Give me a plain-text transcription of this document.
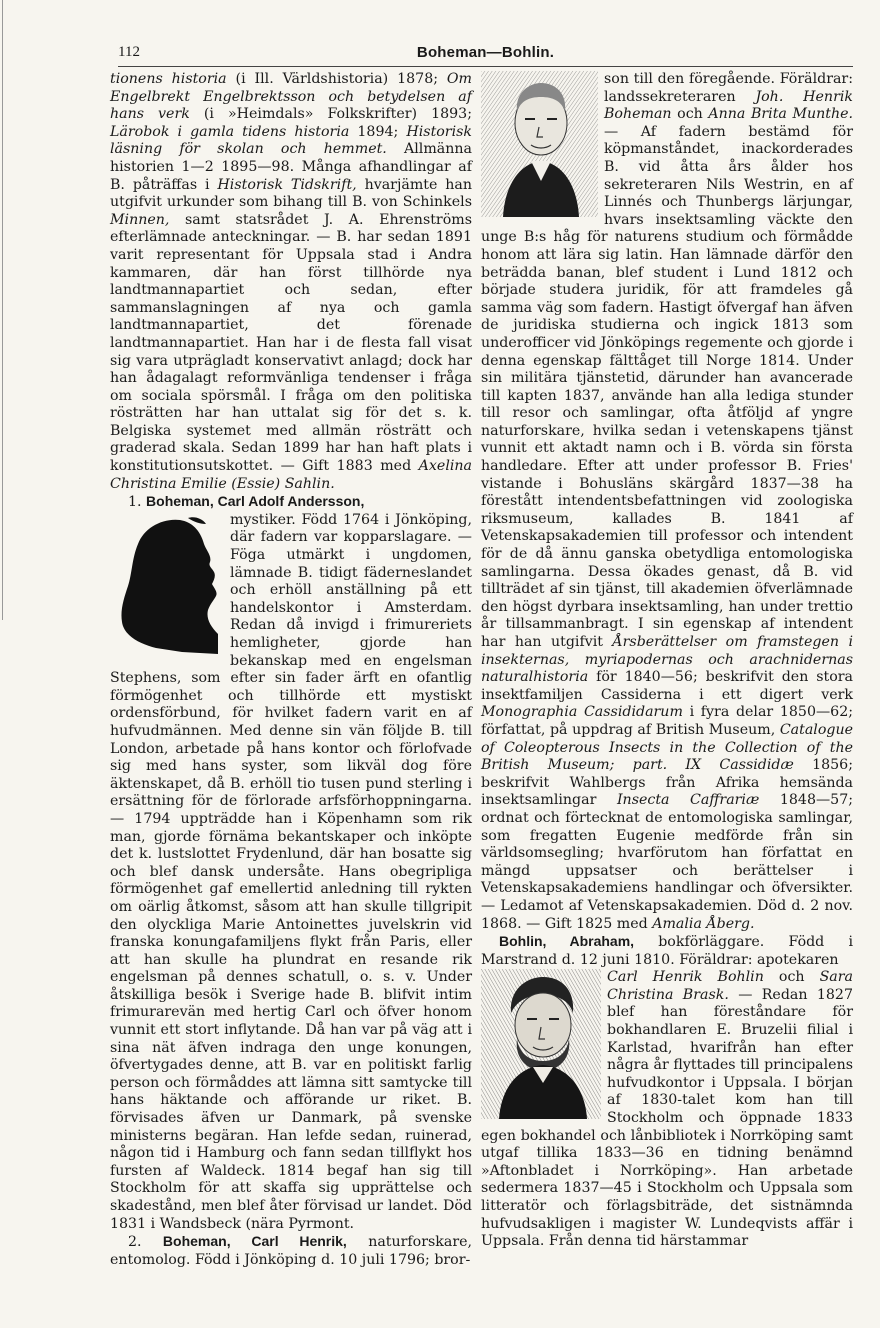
112	Boheman—Bohlin.

tionens historia (i Ill. Världshistoria) 1878; Om Engelbrekt Engelbrektsson och betydelsen af hans verk (i »Heimdals» Folkskrifter) 1893; Lärobok i gamla tidens historia 1894; Historisk läsning för skolan och hemmet. Allmänna historien 1—2 1895—98. Många afhandlingar af B. påträffas i Historisk Tidskrift, hvarjämte han utgifvit urkunder som bihang till B. von Schinkels Minnen, samt statsrådet J. A. Ehrenströms efterlämnade anteckningar. — B. har sedan 1891 varit representant för Uppsala stad i Andra kammaren, där han först tillhörde nya landtmannapartiet och sedan, efter sammanslagningen af nya och gamla landtmannapartiet, det förenade landtmannapartiet. Han har i de flesta fall visat sig vara utprägladt konservativt anlagd; dock har han ådagalagt reformvänliga tendenser i fråga om sociala spörsmål. I fråga om den politiska rösträtten har han uttalat sig för det s. k. Belgiska systemet med allmän rösträtt och graderad skala. Sedan 1899 har han haft plats i konstitutionsutskottet. — Gift 1883 med Axelina Christina Emilie (Essie) Sahlin.

1. Boheman, Carl Adolf Andersson,

mystiker. Född 1764 i Jönköping, där fadern var kopparslagare. — Föga utmärkt i ungdomen, lämnade B. tidigt fäderneslandet och erhöll anställning på ett handelskontor i Amsterdam. Redan då invigd i frimureriets hemligheter, gjorde han bekanskap med en engelsman Stephens, som efter sin fader ärft en ofantlig förmögenhet och tillhörde ett mystiskt ordensförbund, för hvilket fadern varit en af hufvudmännen. Med denne sin vän följde B. till London, arbetade på hans kontor och förlofvade sig med hans syster, som likväl dog före äktenskapet, då B. erhöll tio tusen pund sterling i ersättning för de förlorade arfsförhoppningarna. — 1794 uppträdde han i Köpenhamn som rik man, gjorde förnäma bekantskaper och inköpte det k. lustslottet Frydenlund, där han bosatte sig och blef dansk undersåte. Hans obegripliga förmögenhet gaf emellertid anledning till rykten om oärlig åtkomst, såsom att han skulle tillgripit den olyckliga Marie Antoinettes juvelskrin vid franska konungafamiljens flykt från Paris, eller att han skulle ha plundrat en resande rik engelsman på dennes schatull, o. s. v. Under åtskilliga besök i Sverige hade B. blifvit intim frimurarevän med hertig Carl och öfver honom vunnit ett stort inflytande. Då han var på väg att i sina nät äfven indraga den unge konungen, öfvertygades denne, att B. var en politiskt farlig person och förmåddes att lämna sitt samtycke till hans häktande och afförande ur riket. B. förvisades äfven ur Danmark, på svenske ministerns begäran. Han lefde sedan, ruinerad, någon tid i Hamburg och fann sedan tillflykt hos fursten af Waldeck. 1814 begaf han sig till Stockholm för att skaffa sig upprättelse och skadestånd, men blef åter förvisad ur landet. Död 1831 i Wandsbeck (nära Pyrmont.

2. Boheman, Carl Henrik, naturforskare, entomolog. Född i Jönköping d. 10 juli 1796; bror-

son till den föregående. Föräldrar: landssekreteraren Joh. Henrik Boheman och Anna Brita Munthe. — Af fadern bestämd för köpmanståndet, inackorderades B. vid åtta års ålder hos sekreteraren Nils Westrin, en af Linnés och Thunbergs lärjungar, hvars insektsamling väckte den unge B:s håg för naturens studium och förmådde honom att lära sig latin. Han lämnade därför den beträdda banan, blef student i Lund 1812 och började studera juridik, för att framdeles gå samma väg som fadern. Hastigt öfvergaf han äfven de juridiska studierna och ingick 1813 som underofficer vid Jönköpings regemente och gjorde i denna egenskap fälttåget till Norge 1814. Under sin militära tjänstetid, därunder han avancerade till kapten 1837, använde han alla lediga stunder till resor och samlingar, ofta åtföljd af yngre naturforskare, hvilka sedan i vetenskapens tjänst vunnit ett aktadt namn och i B. vörda sin första handledare. Efter att under professor B. Fries' vistande i Bohusläns skärgård 1837—38 ha förestått intendentsbefattningen vid zoologiska riksmuseum, kallades B. 1841 af Vetenskapsakademien till professor och intendent för de då ännu ganska obetydliga entomologiska samlingarna. Dessa ökades genast, då B. vid tillträdet af sin tjänst, till akademien öfverlämnade den högst dyrbara insektsamling, han under trettio år tillsammanbragt. I sin egenskap af intendent har han utgifvit Årsberättelser om framstegen i insekternas, myriapodernas och arachnidernas naturalhistoria för 1840—56; beskrifvit den stora insektfamiljen Cassiderna i ett digert verk Monographia Cassididarum i fyra delar 1850—62; författat, på uppdrag af British Museum, Catalogue of Coleopterous Insects in the Collection of the British Museum; part. IX Cassididæ 1856; beskrifvit Wahlbergs från Afrika hemsända insektsamlingar Insecta Caffrariæ 1848—57; ordnat och förtecknat de entomologiska samlingar, som fregatten Eugenie medförde från sin världsomsegling; hvarförutom han författat en mängd uppsatser och berättelser i Vetenskapsakademiens handlingar och öfversikter. — Ledamot af Vetenskapsakademien. Död d. 2 nov. 1868. — Gift 1825 med Amalia Åberg.

Bohlin, Abraham, bokförläggare. Född i Marstrand d. 12 juni 1810. Föräldrar: apotekaren

Carl Henrik Bohlin och Sara Christina Brask. — Redan 1827 blef han föreståndare för bokhandlaren E. Bruzelii filial i Karlstad, hvarifrån han efter några år flyttades till principalens hufvudkontor i Uppsala. I början af 1830-talet kom han till Stockholm och öppnade 1833 egen bokhandel och lånbibliotek i Norrköping samt utgaf tillika 1833—36 en tidning benämnd »Aftonbladet i Norrköping». Han arbetade sedermera 1837—45 i Stockholm och Uppsala som litteratör och förlagsbiträde, det sistnämnda hufvudsakligen i magister W. Lundeqvists affär i Uppsala. Från denna tid härstammar
